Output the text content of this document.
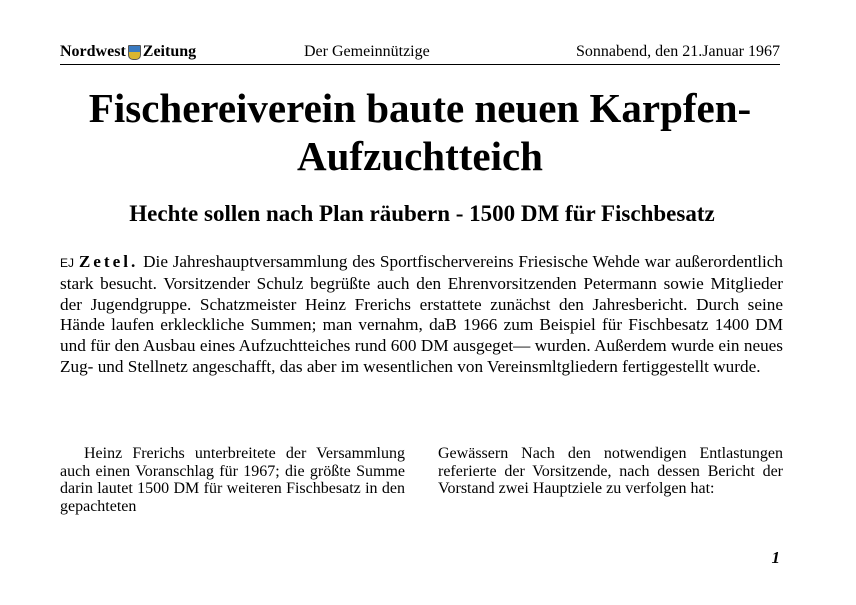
Nordwest Zeitung	Der Gemeinnützige	Sonnabend, den 21.Januar 1967
Fischereiverein baute neuen Karpfen-Aufzuchtteich
Hechte sollen nach Plan räubern - 1500 DM für Fischbesatz

EJ Zetel. Die Jahreshauptversammlung des Sportfischervereins Friesische Wehde war außerordentlich stark besucht. Vorsitzender Schulz begrüßte auch den Ehrenvorsitzenden Petermann sowie Mitglieder der Jugendgruppe. Schatzmeister Heinz Frerichs erstattete zunächst den Jahresbericht. Durch seine Hände laufen erkleckliche Summen; man vernahm, daB 1966 zum Beispiel für Fischbesatz 1400 DM und für den Ausbau eines Aufzuchtteiches rund 600 DM ausgeget— wurden. Außerdem wurde ein neues Zug- und Stellnetz angeschafft, das aber im wesentlichen von Vereinsmltgliedern fertiggestellt wurde.

Heinz Frerichs unterbreitete der Versammlung auch einen Voranschlag für 1967; die größte Summe darin lautet 1500 DM für weiteren Fischbesatz in den gepachteten

Gewässern Nach den notwendigen Entlastungen referierte der Vorsitzende, nach dessen Bericht der Vorstand zwei Hauptziele zu verfolgen hat:

1
